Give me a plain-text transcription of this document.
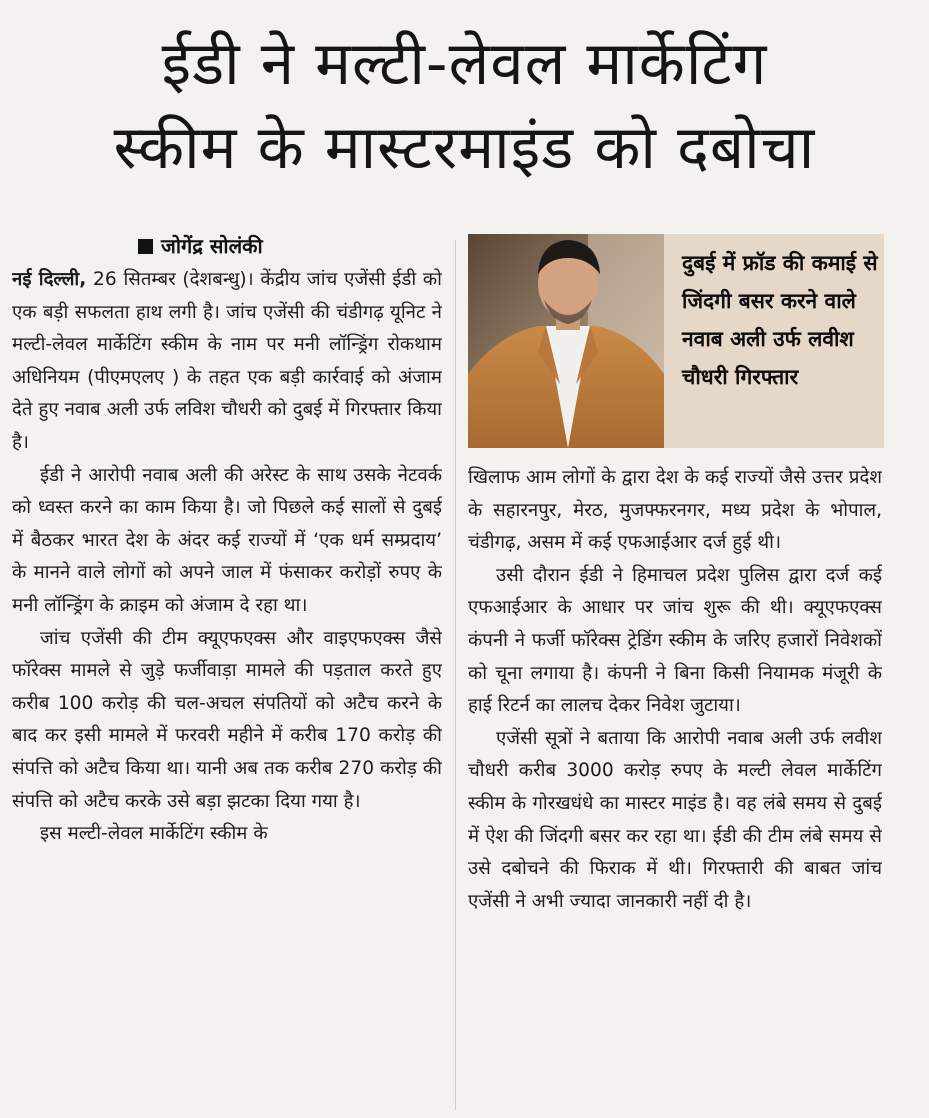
ईडी ने मल्टी-लेवल मार्केटिंग
स्कीम के मास्टरमाइंड को दबोचा
जोगेंद्र सोलंकी

नई दिल्ली, 26 सितम्बर (देशबन्धु)। केंद्रीय जांच एजेंसी ईडी को एक बड़ी सफलता हाथ लगी है। जांच एजेंसी की चंडीगढ़ यूनिट ने मल्टी-लेवल मार्केटिंग स्कीम के नाम पर मनी लॉन्ड्रिंग रोकथाम अधिनियम (पीएमएलए ) के तहत एक बड़ी कार्रवाई को अंजाम देते हुए नवाब अली उर्फ लविश चौधरी को दुबई में गिरफ्तार किया है।

ईडी ने आरोपी नवाब अली की अरेस्ट के साथ उसके नेटवर्क को ध्वस्त करने का काम किया है। जो पिछले कई सालों से दुबई में बैठकर भारत देश के अंदर कई राज्यों में ‘एक धर्म सम्प्रदाय’ के मानने वाले लोगों को अपने जाल में फंसाकर करोड़ों रुपए के मनी लॉन्ड्रिंग के क्राइम को अंजाम दे रहा था।

जांच एजेंसी की टीम क्यूएफएक्स और वाइएफएक्स जैसे फॉरेक्स मामले से जुड़े फर्जीवाड़ा मामले की पड़ताल करते हुए करीब 100 करोड़ की चल-अचल संपतियों को अटैच करने के बाद कर इसी मामले में फरवरी महीने में करीब 170 करोड़ की संपत्ति को अटैच किया था। यानी अब तक करीब 270 करोड़ की संपत्ति को अटैच करके उसे बड़ा झटका दिया गया है।

इस मल्टी-लेवल मार्केटिंग स्कीम के

दुबई में फ्रॉड की कमाई से जिंदगी बसर करने वाले नवाब अली उर्फ लवीश चौधरी गिरफ्तार

खिलाफ आम लोगों के द्वारा देश के कई राज्यों जैसे उत्तर प्रदेश के सहारनपुर, मेरठ, मुजफ्फरनगर, मध्य प्रदेश के भोपाल, चंडीगढ़, असम में कई एफआईआर दर्ज हुई थी।

उसी दौरान ईडी ने हिमाचल प्रदेश पुलिस द्वारा दर्ज कई एफआईआर के आधार पर जांच शुरू की थी। क्यूएफएक्स कंपनी ने फर्जी फॉरेक्स ट्रेडिंग स्कीम के जरिए हजारों निवेशकों को चूना लगाया है। कंपनी ने बिना किसी नियामक मंजूरी के हाई रिटर्न का लालच देकर निवेश जुटाया।

एजेंसी सूत्रों ने बताया कि आरोपी नवाब अली उर्फ लवीश चौधरी करीब 3000 करोड़ रुपए के मल्टी लेवल मार्केटिंग स्कीम के गोरखधंधे का मास्टर माइंड है। वह लंबे समय से दुबई में ऐश की जिंदगी बसर कर रहा था। ईडी की टीम लंबे समय से उसे दबोचने की फिराक में थी। गिरफ्तारी की बाबत जांच एजेंसी ने अभी ज्यादा जानकारी नहीं दी है।
